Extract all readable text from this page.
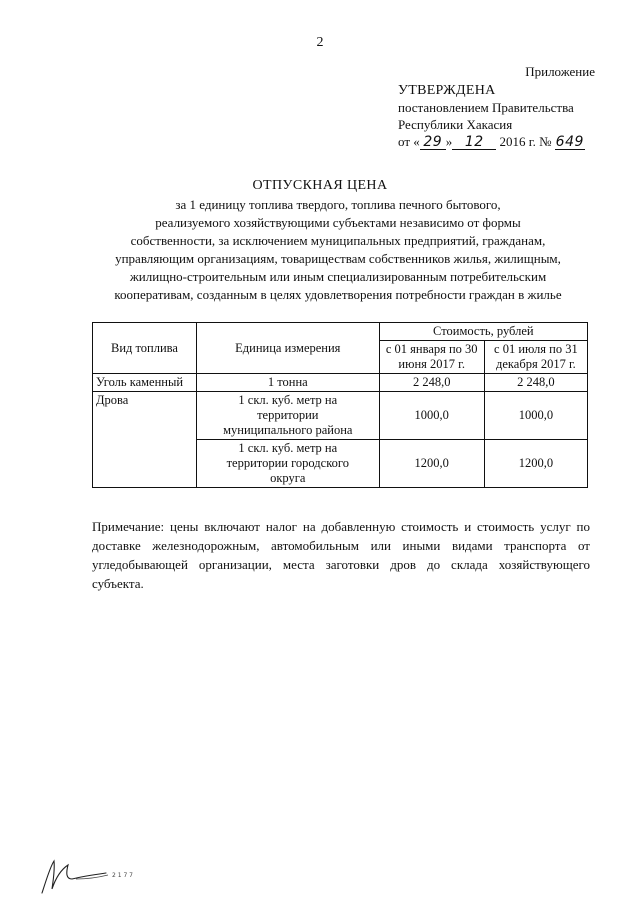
2
Приложение
УТВЕРЖДЕНА
постановлением Правительства
Республики Хакасия
от « 29 » 12 2016 г. № 649
ОТПУСКНАЯ ЦЕНА
за 1 единицу топлива твердого, топлива печного бытового,
реализуемого хозяйствующими субъектами независимо от формы
собственности, за исключением муниципальных предприятий, гражданам,
управляющим организациям, товариществам собственников жилья, жилищным,
жилищно-строительным или иным специализированным потребительским
кооперативам, созданным в целях удовлетворения потребности граждан в жилье
Вид топлива	Единица измерения	Стоимость, рублей	
		с 01 января по 30 июня 2017 г.	с 01 июля по 31 декабря 2017 г.
Уголь каменный	1 тонна	2 248,0	2 248,0
Дрова	1 скл. куб. метр на территории муниципального района	1000,0	1000,0
	1 скл. куб. метр на территории городского округа	1200,0	1200,0
Примечание: цены включают налог на добавленную стоимость и стоимость услуг по доставке железнодорожным, автомобильным или иными видами транспорта от угледобывающей организации, места заготовки дров до склада хозяйствующего субъекта.
2 1 7 7
